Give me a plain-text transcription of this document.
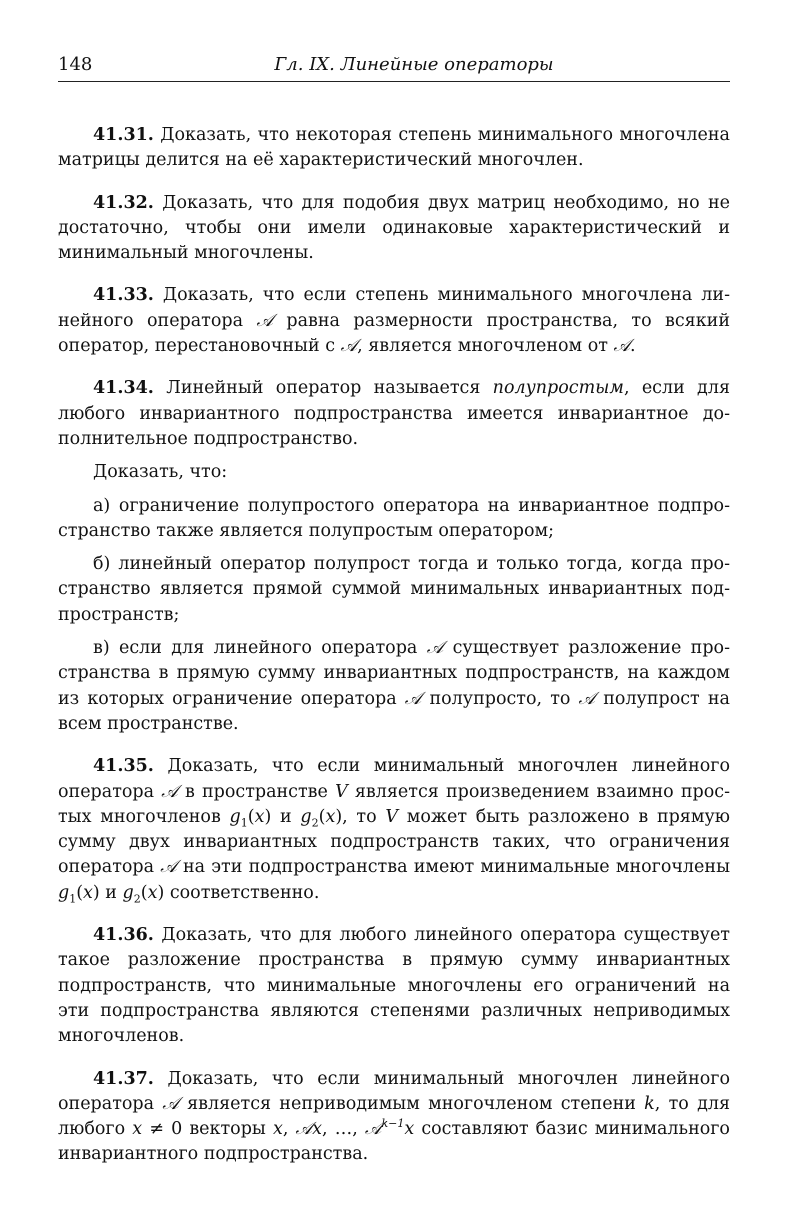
148	Гл. IX. Линейные операторы

41.31. Доказать, что некоторая степень минимального многочлена матрицы делится на её характеристический многочлен.

41.32. Доказать, что для подобия двух матриц необходимо, но не достаточно, чтобы они имели одинаковые характеристический и минимальный многочлены.

41.33. Доказать, что если степень минимального многочлена линейного оператора 𝒜 равна размерности пространства, то всякий оператор, перестановочный с 𝒜, является многочленом от 𝒜.

41.34. Линейный оператор называется полупростым, если для любого инвариантного подпространства имеется инвариантное дополнительное подпространство.

Доказать, что:

а) ограничение полупростого оператора на инвариантное подпространство также является полупростым оператором;

б) линейный оператор полупрост тогда и только тогда, когда пространство является прямой суммой минимальных инвариантных подпространств;

в) если для линейного оператора 𝒜 существует разложение пространства в прямую сумму инвариантных подпространств, на каждом из которых ограничение оператора 𝒜 полупросто, то 𝒜 полупрост на всем пространстве.

41.35. Доказать, что если минимальный многочлен линейного оператора 𝒜 в пространстве V является произведением взаимно простых многочленов $g_1(x)$ и $g_2(x)$, то V может быть разложено в прямую сумму двух инвариантных подпространств таких, что ограничения оператора 𝒜 на эти подпространства имеют минимальные многочлены $g_1(x)$ и $g_2(x)$ соответственно.

41.36. Доказать, что для любого линейного оператора существует такое разложение пространства в прямую сумму инвариантных подпространств, что минимальные многочлены его ограничений на эти подпространства являются степенями различных неприводимых многочленов.

41.37. Доказать, что если минимальный многочлен линейного оператора 𝒜 является неприводимым многочленом степени k, то для любого x ≠ 0 векторы x, 𝒜x, …, 𝒜$^{k-1}$x составляют базис минимального инвариантного подпространства.
